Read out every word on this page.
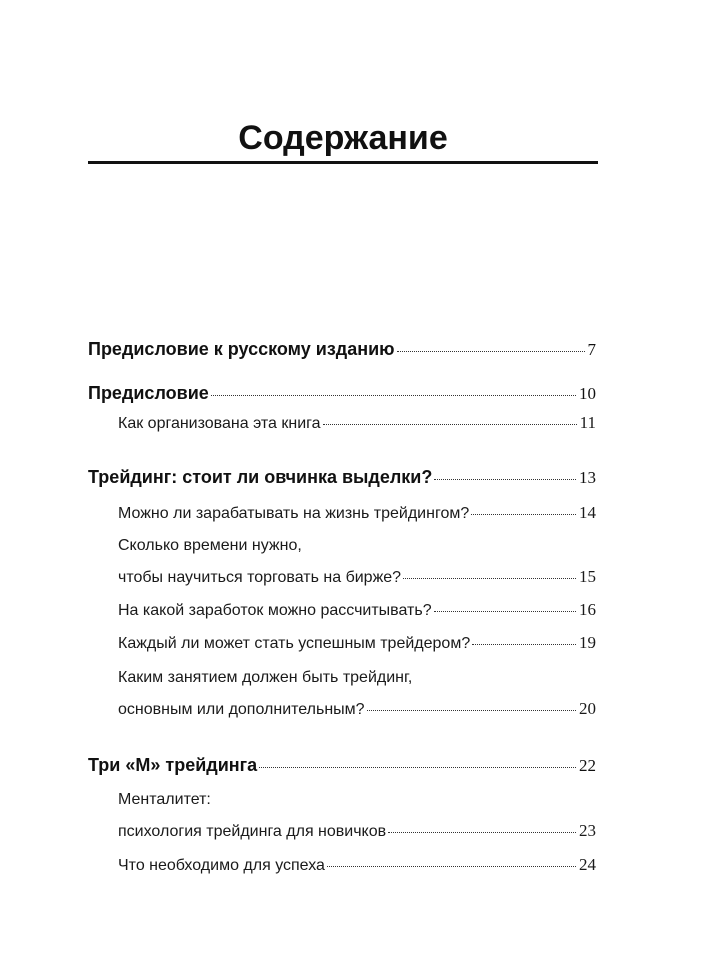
Содержание
Предисловие к русскому изданию	7
Предисловие	10
Как организована эта книга	11
Трейдинг: стоит ли овчинка выделки?	13
Можно ли зарабатывать на жизнь трейдингом?	14
Сколько времени нужно,
чтобы научиться торговать на бирже?	15
На какой заработок можно рассчитывать?	16
Каждый ли может стать успешным трейдером?	19
Каким занятием должен быть трейдинг,
основным или дополнительным?	20
Три «М» трейдинга	22
Менталитет:
психология трейдинга для новичков	23
Что необходимо для успеха	24
